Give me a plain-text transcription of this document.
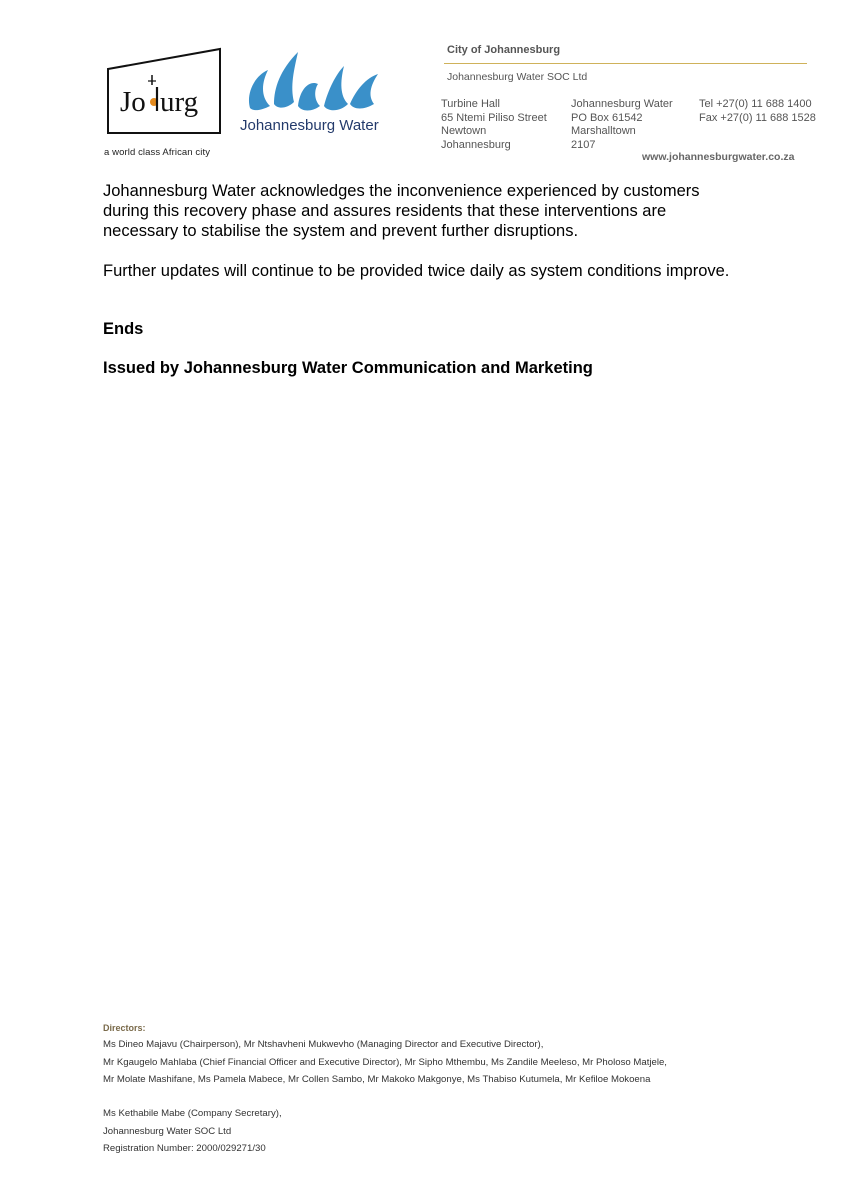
Jo urg
a world class African city
Johannesburg Water
City of Johannesburg
Johannesburg Water SOC Ltd
Turbine Hall
65 Ntemi Piliso Street
Newtown
Johannesburg
Johannesburg Water
PO Box 61542
Marshalltown
2107
Tel +27(0) 11 688 1400
Fax +27(0) 11 688 1528
www.johannesburgwater.co.za
Johannesburg Water acknowledges the inconvenience experienced by customers during this recovery phase and assures residents that these interventions are necessary to stabilise the system and prevent further disruptions.
Further updates will continue to be provided twice daily as system conditions improve.
Ends
Issued by Johannesburg Water Communication and Marketing
Directors:
Ms Dineo Majavu (Chairperson), Mr Ntshavheni Mukwevho (Managing Director and Executive Director),
Mr Kgaugelo Mahlaba (Chief Financial Officer and Executive Director), Mr Sipho Mthembu, Ms Zandile Meeleso, Mr Pholoso Matjele,
Mr Molate Mashifane, Ms Pamela Mabece, Mr Collen Sambo, Mr Makoko Makgonye, Ms Thabiso Kutumela, Mr Kefiloe Mokoena
Ms Kethabile Mabe (Company Secretary),
Johannesburg Water SOC Ltd
Registration Number: 2000/029271/30
